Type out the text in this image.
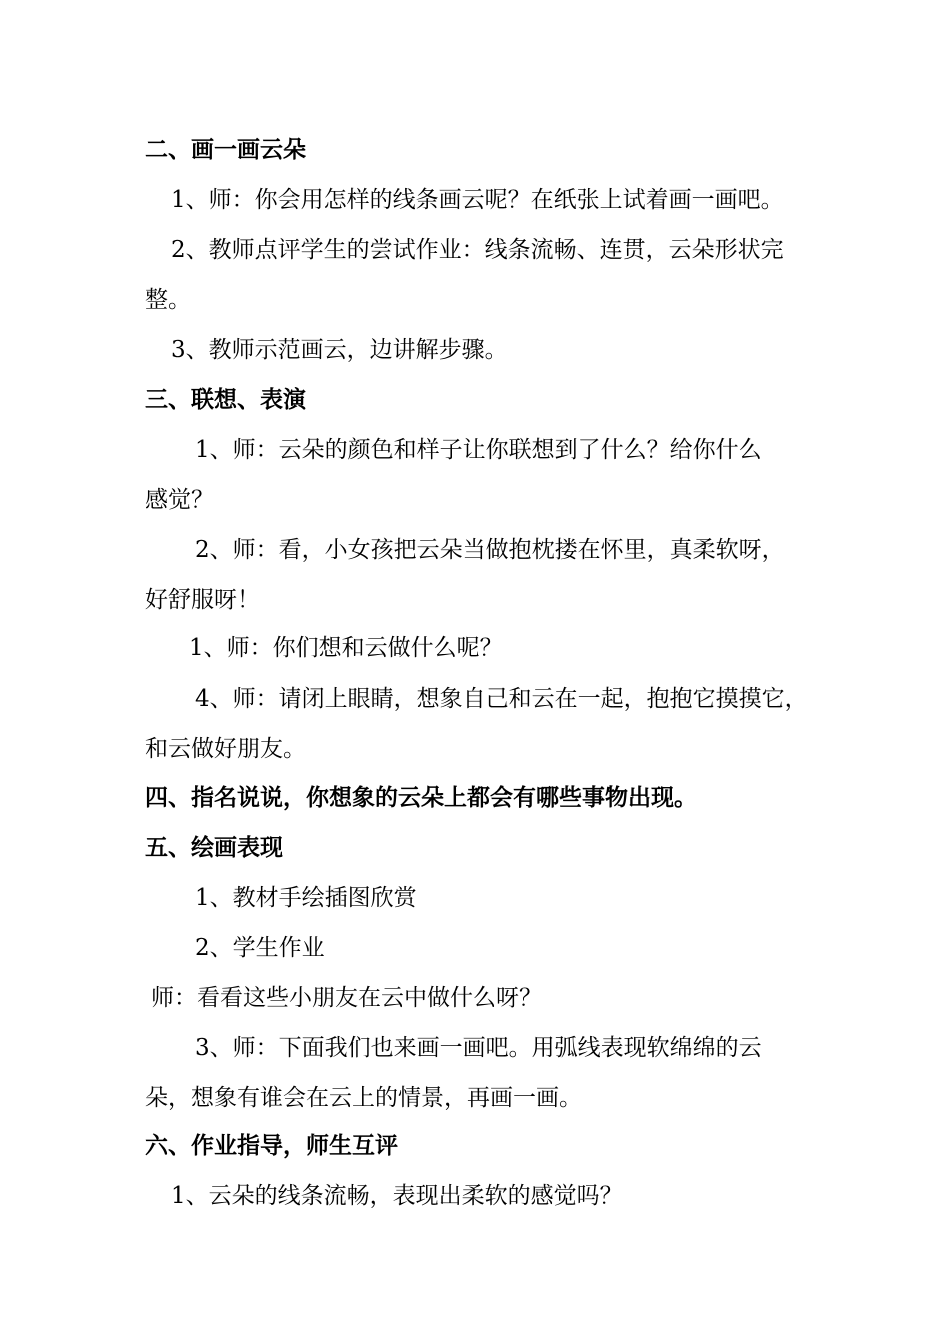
二、画一画云朵
1、师：你会用怎样的线条画云呢？在纸张上试着画一画吧。
2、教师点评学生的尝试作业：线条流畅、连贯，云朵形状完
整。
3、教师示范画云，边讲解步骤。
三、联想、表演
1、师：云朵的颜色和样子让你联想到了什么？给你什么
感觉？
2、师：看，小女孩把云朵当做抱枕搂在怀里，真柔软呀，
好舒服呀！
1、师：你们想和云做什么呢？
4、师：请闭上眼睛，想象自己和云在一起，抱抱它摸摸它，
和云做好朋友。
四、指名说说，你想象的云朵上都会有哪些事物出现。
五、绘画表现
1、教材手绘插图欣赏
2、学生作业
师：看看这些小朋友在云中做什么呀？
3、师：下面我们也来画一画吧。用弧线表现软绵绵的云
朵，想象有谁会在云上的情景，再画一画。
六、作业指导，师生互评
1、云朵的线条流畅，表现出柔软的感觉吗？
